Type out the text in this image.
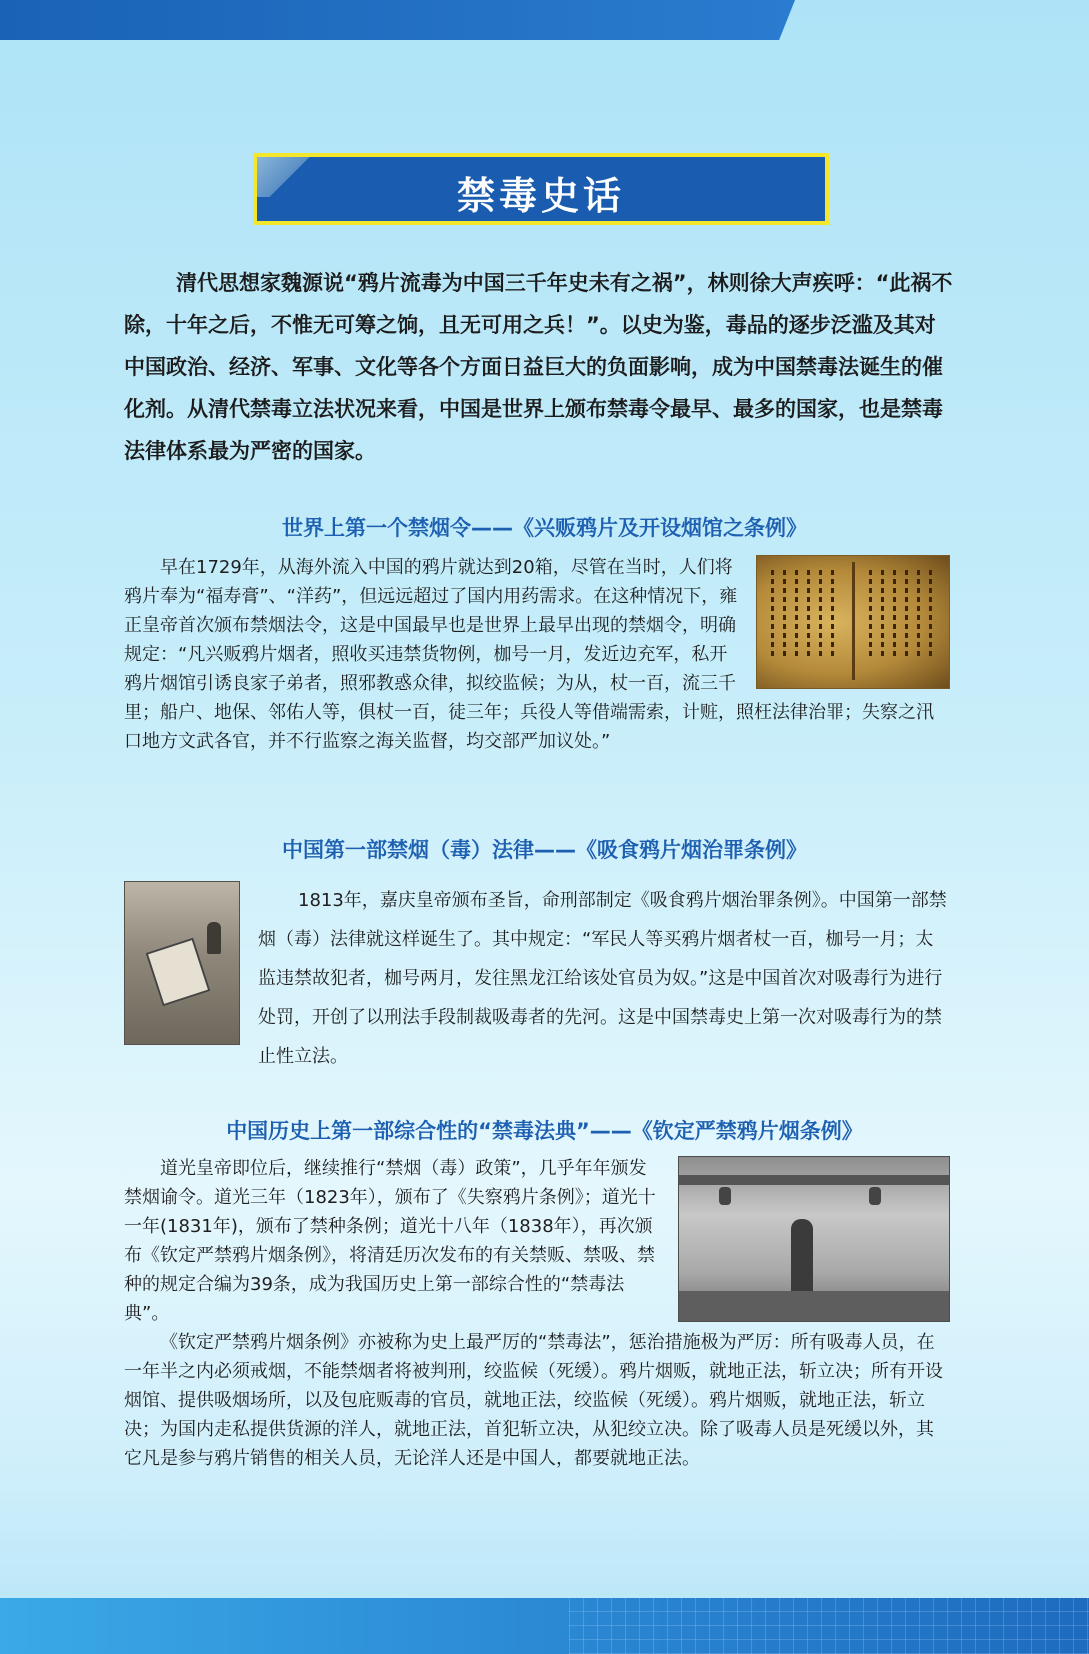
禁毒史话

清代思想家魏源说“鸦片流毒为中国三千年史未有之祸”，林则徐大声疾呼：“此祸不除，十年之后，不惟无可筹之饷，且无可用之兵！”。以史为鉴，毒品的逐步泛滥及其对中国政治、经济、军事、文化等各个方面日益巨大的负面影响，成为中国禁毒法诞生的催化剂。从清代禁毒立法状况来看，中国是世界上颁布禁毒令最早、最多的国家，也是禁毒法律体系最为严密的国家。

世界上第一个禁烟令——《兴贩鸦片及开设烟馆之条例》

早在1729年，从海外流入中国的鸦片就达到20箱，尽管在当时，人们将鸦片奉为“福寿膏”、“洋药”，但远远超过了国内用药需求。在这种情况下，雍正皇帝首次颁布禁烟法令，这是中国最早也是世界上最早出现的禁烟令，明确规定：“凡兴贩鸦片烟者，照收买违禁货物例，枷号一月，发近边充军，私开鸦片烟馆引诱良家子弟者，照邪教惑众律，拟绞监候；为从，杖一百，流三千里；船户、地保、邻佑人等，俱杖一百，徒三年；兵役人等借端需索，计赃，照枉法律治罪；失察之汛口地方文武各官，并不行监察之海关监督，均交部严加议处。”

中国第一部禁烟（毒）法律——《吸食鸦片烟治罪条例》

1813年，嘉庆皇帝颁布圣旨，命刑部制定《吸食鸦片烟治罪条例》。中国第一部禁烟（毒）法律就这样诞生了。其中规定：“军民人等买鸦片烟者杖一百，枷号一月；太监违禁故犯者，枷号两月，发往黑龙江给该处官员为奴。”这是中国首次对吸毒行为进行处罚，开创了以刑法手段制裁吸毒者的先河。这是中国禁毒史上第一次对吸毒行为的禁止性立法。

中国历史上第一部综合性的“禁毒法典”——《钦定严禁鸦片烟条例》

道光皇帝即位后，继续推行“禁烟（毒）政策”，几乎年年颁发禁烟谕令。道光三年（1823年），颁布了《失察鸦片条例》；道光十一年(1831年)，颁布了禁种条例；道光十八年（1838年），再次颁布《钦定严禁鸦片烟条例》，将清廷历次发布的有关禁贩、禁吸、禁种的规定合编为39条，成为我国历史上第一部综合性的“禁毒法典”。

《钦定严禁鸦片烟条例》亦被称为史上最严厉的“禁毒法”，惩治措施极为严厉：所有吸毒人员，在一年半之内必须戒烟，不能禁烟者将被判刑，绞监候（死缓）。鸦片烟贩，就地正法，斩立决；所有开设烟馆、提供吸烟场所，以及包庇贩毒的官员，就地正法，绞监候（死缓）。鸦片烟贩，就地正法，斩立决；为国内走私提供货源的洋人，就地正法，首犯斩立决，从犯绞立决。除了吸毒人员是死缓以外，其它凡是参与鸦片销售的相关人员，无论洋人还是中国人，都要就地正法。
